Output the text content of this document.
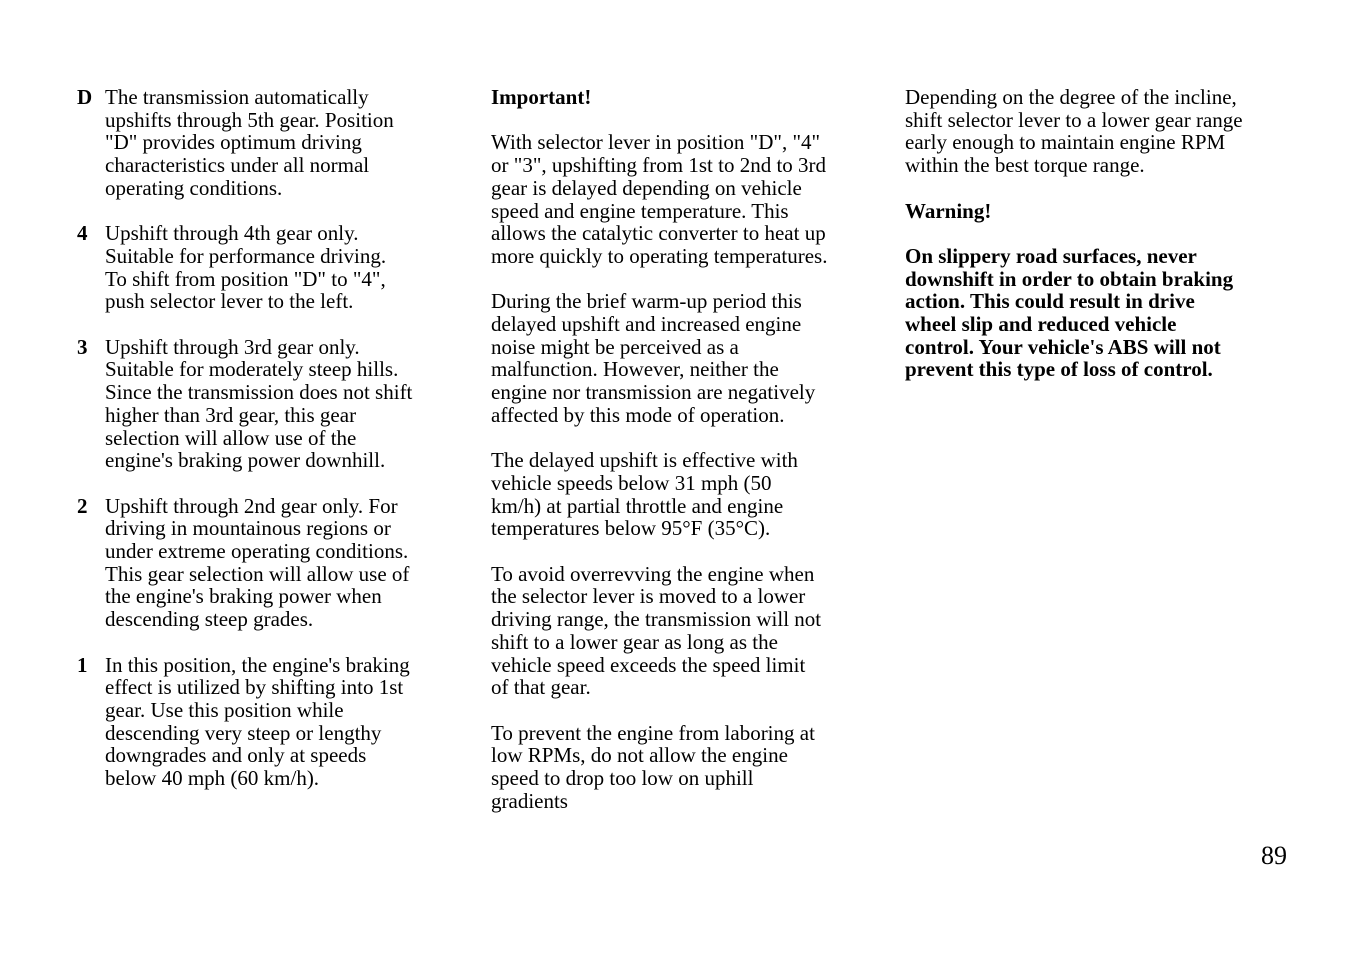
D The transmission automatically
upshifts through 5th gear. Position
"D" provides optimum driving
characteristics under all normal
operating conditions.
4 Upshift through 4th gear only.
Suitable for performance driving.
To shift from position "D" to "4",
push selector lever to the left.
3 Upshift through 3rd gear only.
Suitable for moderately steep hills.
Since the transmission does not shift
higher than 3rd gear, this gear
selection will allow use of the
engine's braking power downhill.
2 Upshift through 2nd gear only. For
driving in mountainous regions or
under extreme operating conditions.
This gear selection will allow use of
the engine's braking power when
descending steep grades.
1 In this position, the engine's braking
effect is utilized by shifting into 1st
gear. Use this position while
descending very steep or lengthy
downgrades and only at speeds
below 40 mph (60 km/h).
Important!

With selector lever in position "D", "4"
or "3", upshifting from 1st to 2nd to 3rd
gear is delayed depending on vehicle
speed and engine temperature. This
allows the catalytic converter to heat up
more quickly to operating temperatures.

During the brief warm-up period this
delayed upshift and increased engine
noise might be perceived as a
malfunction. However, neither the
engine nor transmission are negatively
affected by this mode of operation.

The delayed upshift is effective with
vehicle speeds below 31 mph (50
km/h) at partial throttle and engine
temperatures below 95°F (35°C).

To avoid overrevving the engine when
the selector lever is moved to a lower
driving range, the transmission will not
shift to a lower gear as long as the
vehicle speed exceeds the speed limit
of that gear.

To prevent the engine from laboring at
low RPMs, do not allow the engine
speed to drop too low on uphill
gradients

Depending on the degree of the incline,
shift selector lever to a lower gear range
early enough to maintain engine RPM
within the best torque range.

Warning!

On slippery road surfaces, never
downshift in order to obtain braking
action. This could result in drive
wheel slip and reduced vehicle
control. Your vehicle's ABS will not
prevent this type of loss of control.

89
